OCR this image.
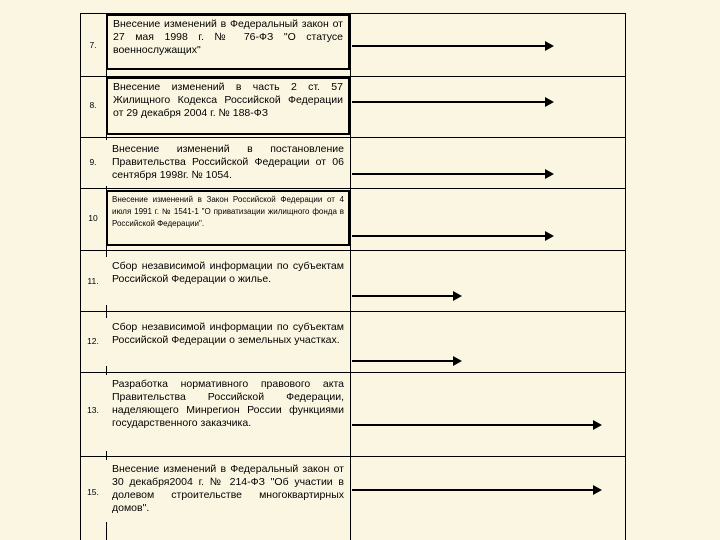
7.
Внесение изменений в Федеральный закон от 27 мая 1998 г. № 76-ФЗ "О статусе военнослужащих"
8.
Внесение изменений в часть 2 ст. 57 Жилищного Кодекса Российской Федерации от 29 декабря 2004 г. № 188-ФЗ
9.
Внесение изменений в постановление Правительства Российской Федерации от 06 сентября 1998г. № 1054.
10
Внесение изменений в Закон Российской Федерации от 4 июля 1991 г. № 1541-1 "О приватизации жилищного фонда в Российской Федерации".
11.
Сбор независимой информации по субъектам Российской Федерации о жилье.
12.
Сбор независимой информации по субъектам Российской Федерации о земельных участках.
13.
Разработка нормативного правового акта Правительства Российской Федерации, наделяющего Минрегион России функциями государственного заказчика.
15.
Внесение изменений в Федеральный закон от 30 декабря2004 г. № 214-ФЗ "Об участии в долевом строительстве многоквартирных домов".
